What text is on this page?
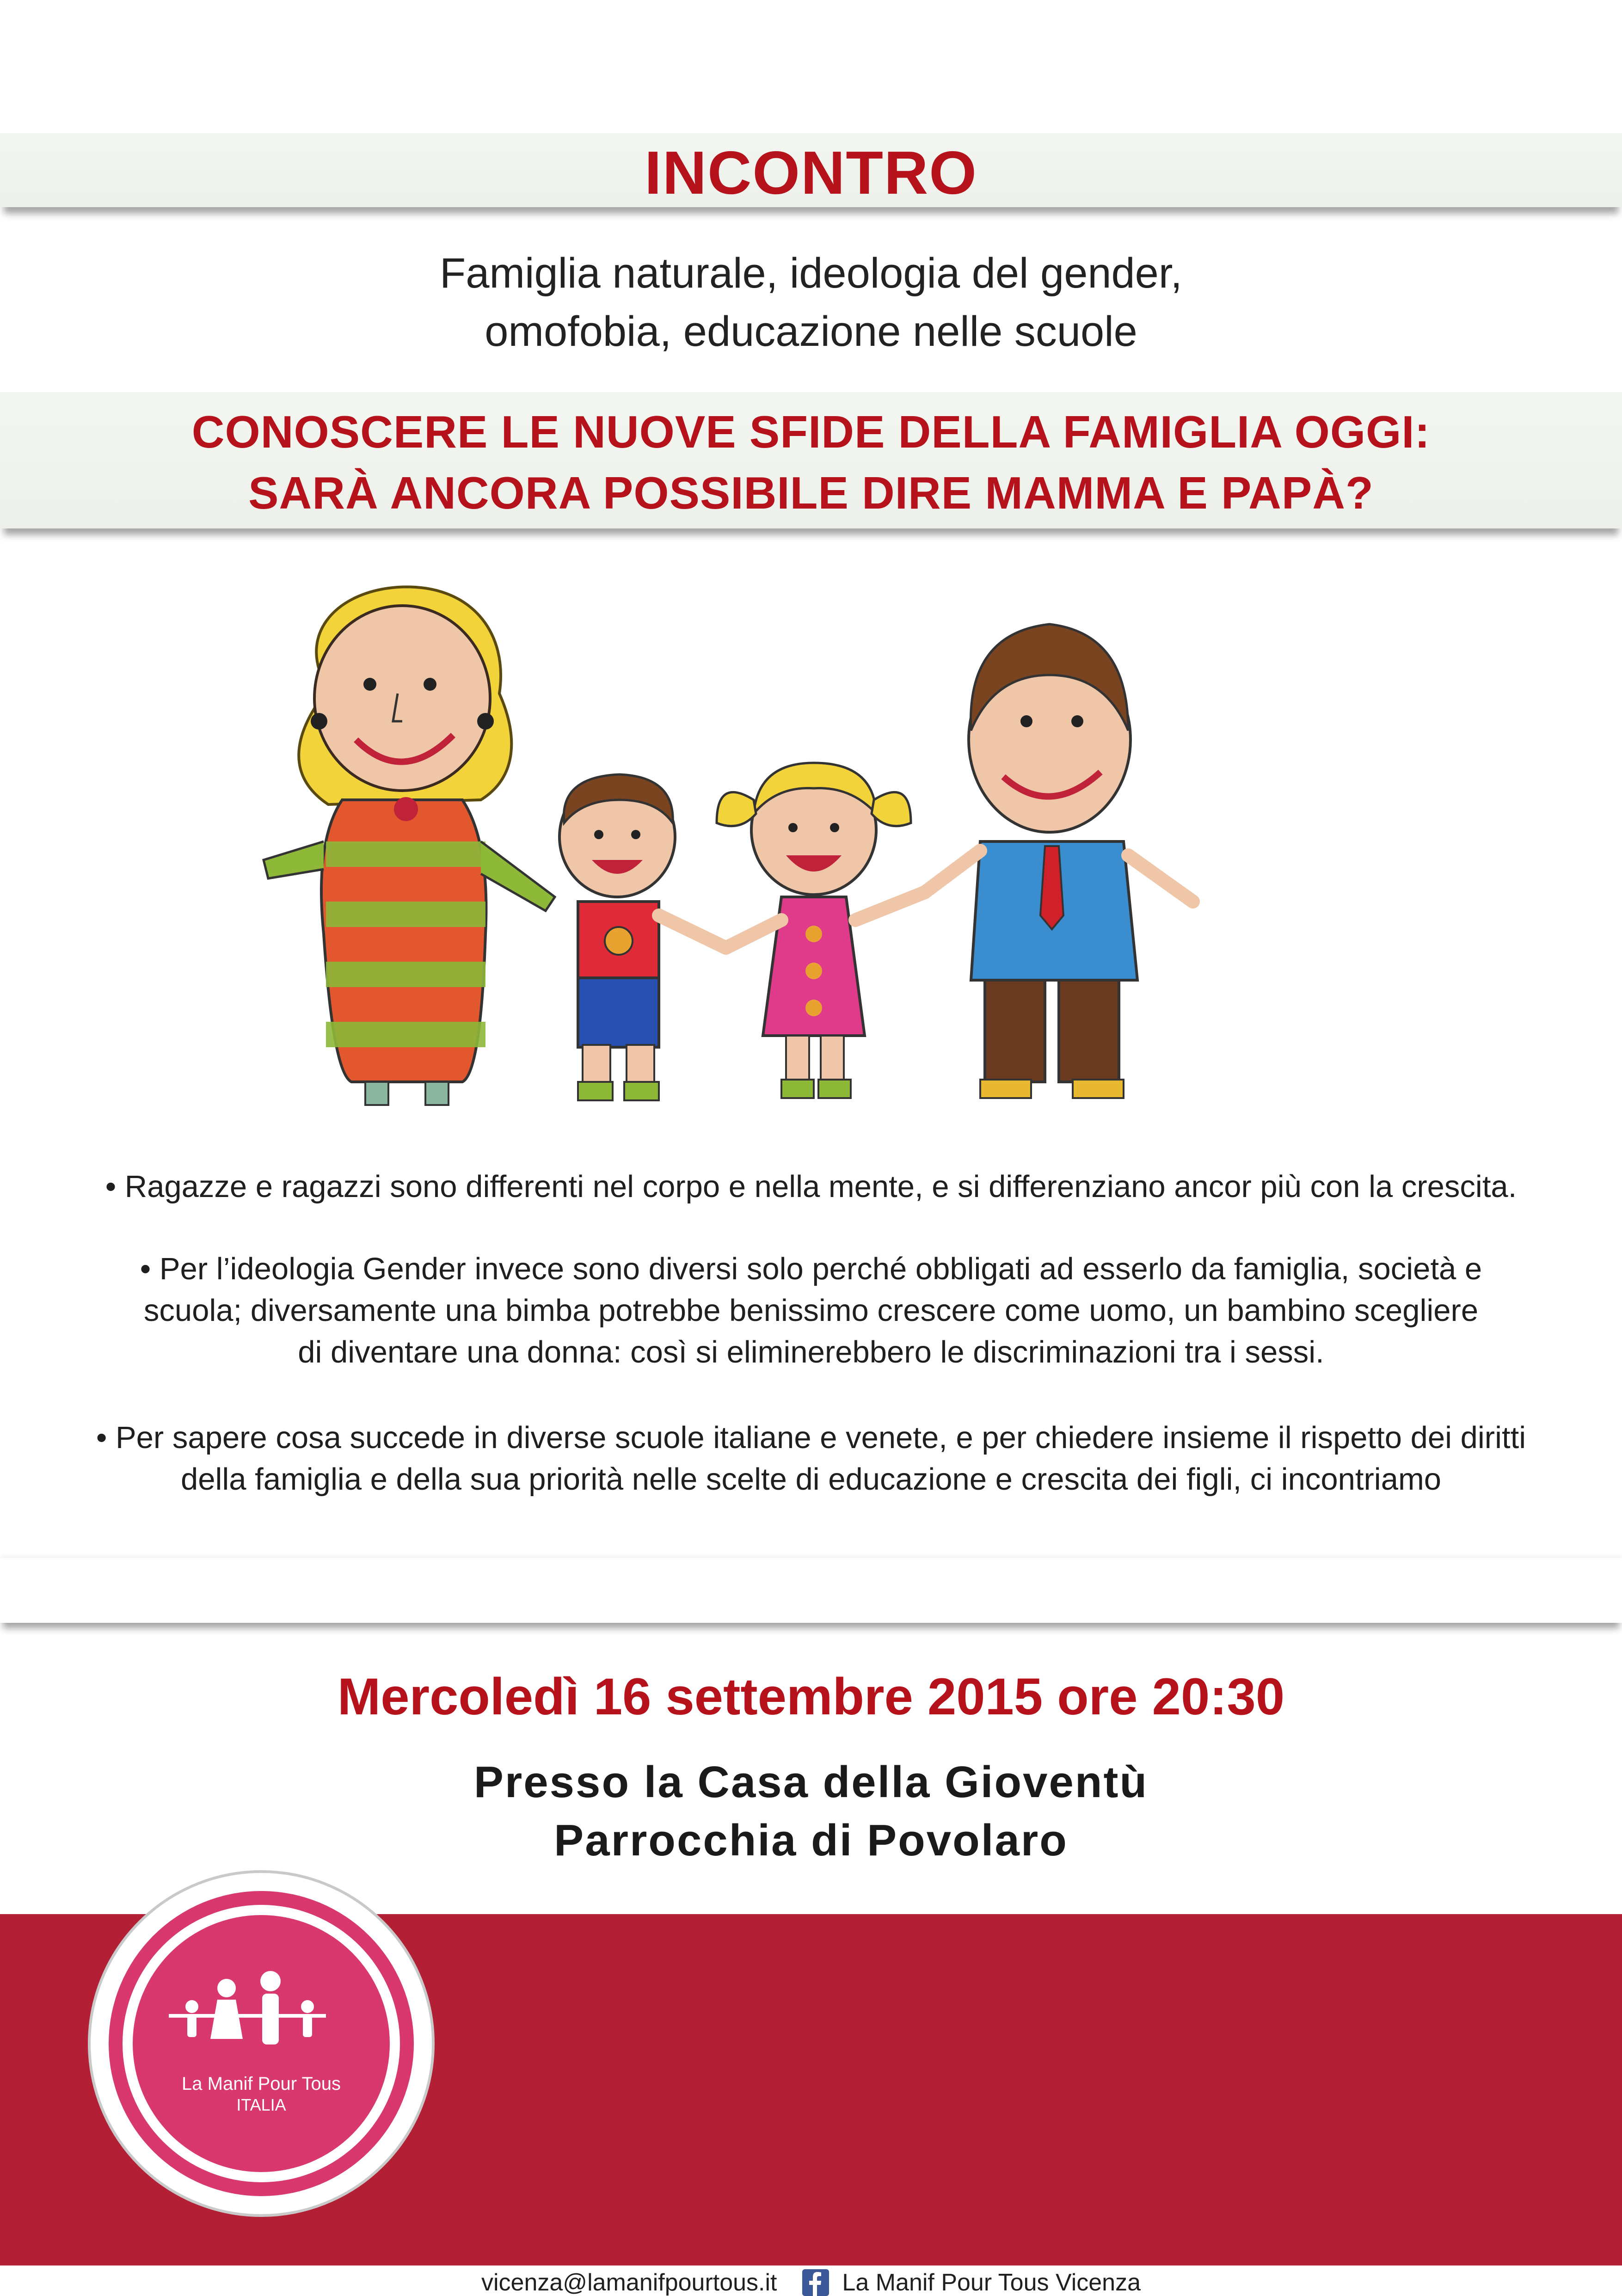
INCONTRO
Famiglia naturale, ideologia del gender,
omofobia, educazione nelle scuole
CONOSCERE LE NUOVE SFIDE DELLA FAMIGLIA OGGI:
SARÀ ANCORA POSSIBILE DIRE MAMMA E PAPÀ?
• Ragazze e ragazzi sono differenti nel corpo e nella mente, e si differenziano ancor più con la crescita.
• Per l’ideologia Gender invece sono diversi solo perché obbligati ad esserlo da famiglia, società e
scuola; diversamente una bimba potrebbe benissimo crescere come uomo, un bambino scegliere
di diventare una donna: così si eliminerebbero le discriminazioni tra i sessi.
• Per sapere cosa succede in diverse scuole italiane e venete, e per chiedere insieme il rispetto dei diritti
della famiglia e della sua priorità nelle scelte di educazione e crescita dei figli, ci incontriamo
Mercoledì 16 settembre 2015 ore 20:30
Presso la Casa della Gioventù
Parrocchia di Povolaro
La Manif Pour Tous
ITALIA
vicenza@lamanifpourtous.it	La Manif Pour Tous Vicenza
